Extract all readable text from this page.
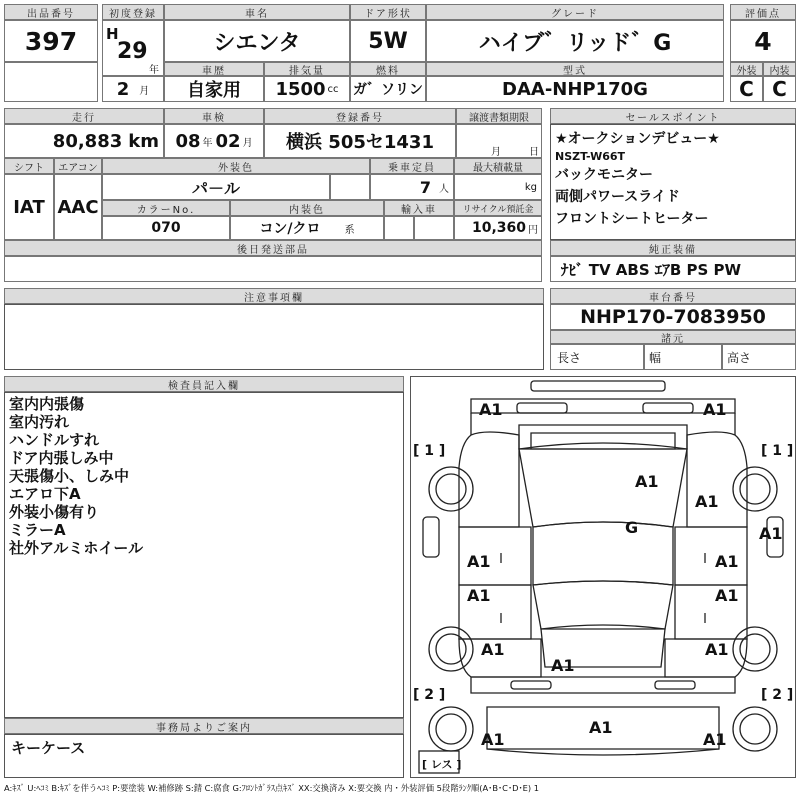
出品番号
397
初度登録
H
29
年
2 月
車名
シエンタ
ドア形状
5W
グレード
ハイブ゛リッド゛G
評価点
4
車歴
自家用
排気量
1500 cc
燃料
ガ゛ソリン
型式
DAA-NHP170G
外装	内装
C C
走行
80,883 km
車検
08 年 02 月
登録番号
横浜 505セ1431
譲渡書類期限
月	日
シフト
IAT
エアコン
AAC
外装色
パ－ル
乗車定員
7 人
最大積載量
kg
カラーNo.
070
内装色
コン/クロ 系
輸入車	リサイクル預託金
10,360 円
後日発送部品
セールスポイント
★オークションデビュー★
NSZT-W66T
バックモニター
両側パワースライド
フロントシートヒーター
純正装備
ﾅﾋﾞ TV ABS ｴｱB PS PW
注意事項欄	車台番号
NHP170-7083950
諸元
長さ	幅	高さ
検査員記入欄
室内内張傷
室内汚れ
ハンドルすれ
ドア内張しみ中
天張傷小、しみ中
エアロ下A
外装小傷有り
ミラーA
社外アルミホイール
事務局よりご案内
キーケース
A1	A1
A1
A1
G	A1
A1	A1
A1	A1
A1
A1
A1
A1
A1	A1
[ 1 ]	[ 1 ]
[ 2 ]	[ 2 ]
[ レス ]
A:ｷｽﾞ U:ﾍｺﾐ B:ｷｽﾞを伴うﾍｺﾐ P:要塗装 W:補修跡 S:錆 C:腐食 G:ﾌﾛﾝﾄｶﾞﾗｽ点ｷｽﾞ XX:交換済み X:要交換 内・外装評価 5段階ﾗﾝｸ順(A･B･C･D･E) 1
